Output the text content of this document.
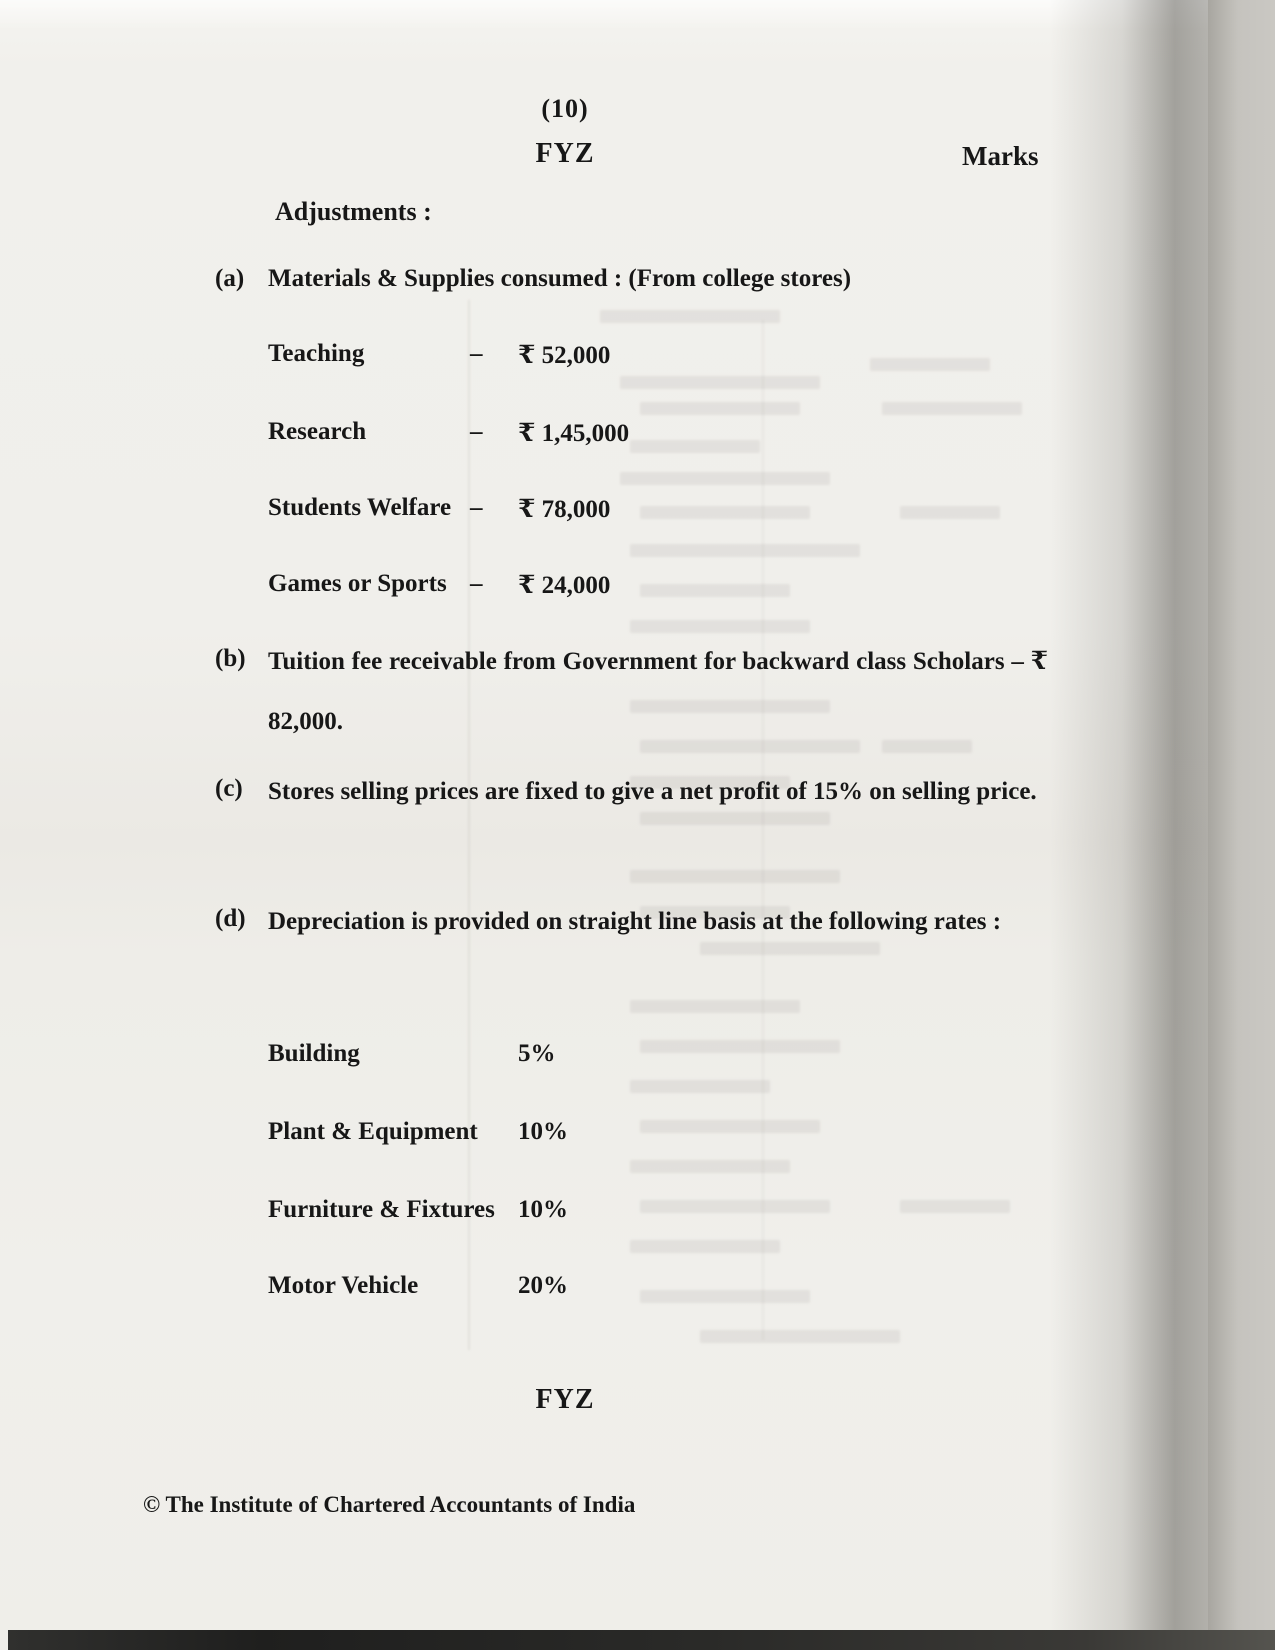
(10)
FYZ	Marks
Adjustments :
(a) Materials & Supplies consumed : (From college stores)
Teaching	– ₹ 52,000
Research	– ₹ 1,45,000
Students Welfare – ₹ 78,000
Games or Sports – ₹ 24,000
(b) Tuition fee receivable from Government for backward class Scholars – ₹ 82,000.
(c) Stores selling prices are fixed to give a net profit of 15% on selling price.
(d) Depreciation is provided on straight line basis at the following rates :
Building	5%
Plant & Equipment 10%
Furniture & Fixtures 10%
Motor Vehicle	20%
FYZ
© The Institute of Chartered Accountants of India
